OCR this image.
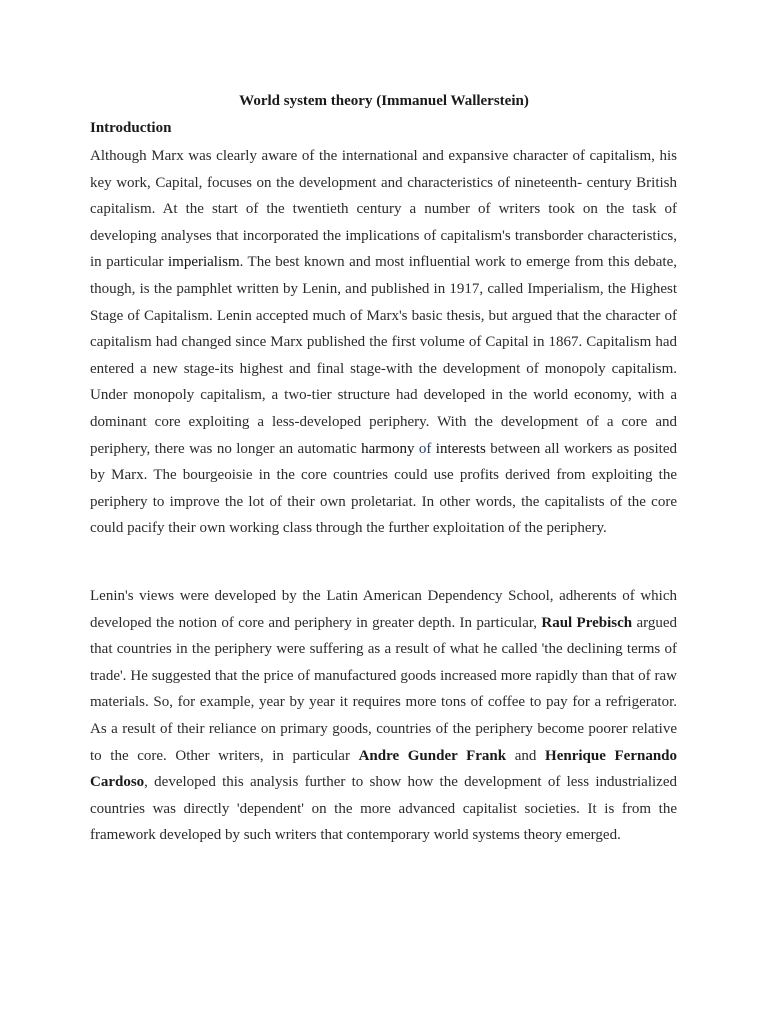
World system theory (Immanuel Wallerstein)
Introduction
Although Marx was clearly aware of the international and expansive character of capitalism, his key work, Capital, focuses on the development and characteristics of nineteenth- century British capitalism. At the start of the twentieth century a number of writers took on the task of developing analyses that incorporated the implications of capitalism's transborder characteristics, in particular imperialism. The best known and most influential work to emerge from this debate, though, is the pamphlet written by Lenin, and published in 1917, called Imperialism, the Highest Stage of Capitalism. Lenin accepted much of Marx's basic thesis, but argued that the character of capitalism had changed since Marx published the first volume of Capital in 1867. Capitalism had entered a new stage-its highest and final stage-with the development of monopoly capitalism. Under monopoly capitalism, a two-tier structure had developed in the world economy, with a dominant core exploiting a less-developed periphery. With the development of a core and periphery, there was no longer an automatic harmony of interests between all workers as posited by Marx. The bourgeoisie in the core countries could use profits derived from exploiting the periphery to improve the lot of their own proletariat. In other words, the capitalists of the core could pacify their own working class through the further exploitation of the periphery.
Lenin's views were developed by the Latin American Dependency School, adherents of which developed the notion of core and periphery in greater depth. In particular, Raul Prebisch argued that countries in the periphery were suffering as a result of what he called 'the declining terms of trade'. He suggested that the price of manufactured goods increased more rapidly than that of raw materials. So, for example, year by year it requires more tons of coffee to pay for a refrigerator. As a result of their reliance on primary goods, countries of the periphery become poorer relative to the core. Other writers, in particular Andre Gunder Frank and Henrique Fernando Cardoso, developed this analysis further to show how the development of less industrialized countries was directly 'dependent' on the more advanced capitalist societies. It is from the framework developed by such writers that contemporary world systems theory emerged.
